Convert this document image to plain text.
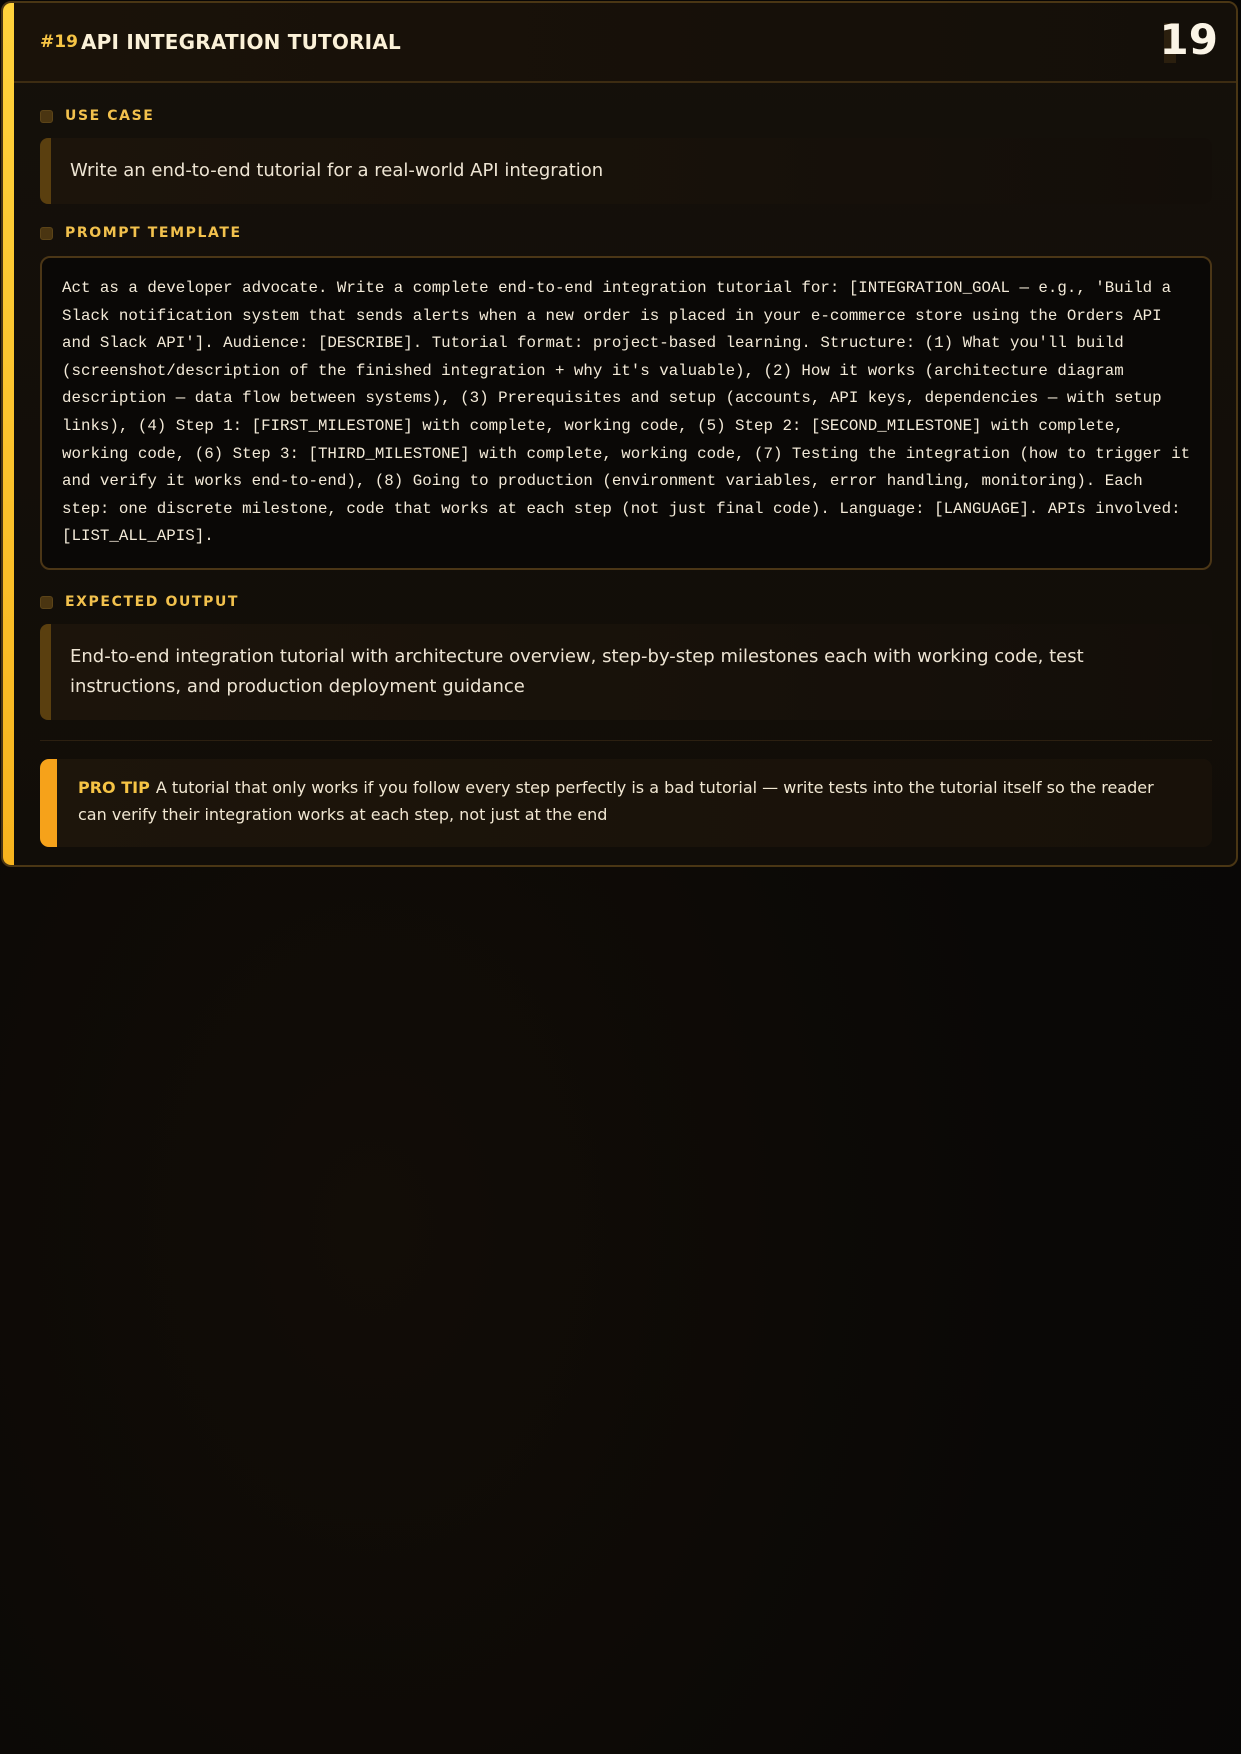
#19 API INTEGRATION TUTORIAL	19
USE CASE
Write an end-to-end tutorial for a real-world API integration
PROMPT TEMPLATE
Act as a developer advocate. Write a complete end-to-end integration tutorial for: [INTEGRATION_GOAL — e.g., 'Build a Slack notification system that sends alerts when a new order is placed in your e-commerce store using the Orders API and Slack API']. Audience: [DESCRIBE]. Tutorial format: project-based learning. Structure: (1) What you'll build (screenshot/description of the finished integration + why it's valuable), (2) How it works (architecture diagram description — data flow between systems), (3) Prerequisites and setup (accounts, API keys, dependencies — with setup links), (4) Step 1: [FIRST_MILESTONE] with complete, working code, (5) Step 2: [SECOND_MILESTONE] with complete, working code, (6) Step 3: [THIRD_MILESTONE] with complete, working code, (7) Testing the integration (how to trigger it and verify it works end-to-end), (8) Going to production (environment variables, error handling, monitoring). Each step: one discrete milestone, code that works at each step (not just final code). Language: [LANGUAGE]. APIs involved: [LIST_ALL_APIS].
EXPECTED OUTPUT
End-to-end integration tutorial with architecture overview, step-by-step milestones each with working code, test instructions, and production deployment guidance
PRO TIP A tutorial that only works if you follow every step perfectly is a bad tutorial — write tests into the tutorial itself so the reader can verify their integration works at each step, not just at the end
